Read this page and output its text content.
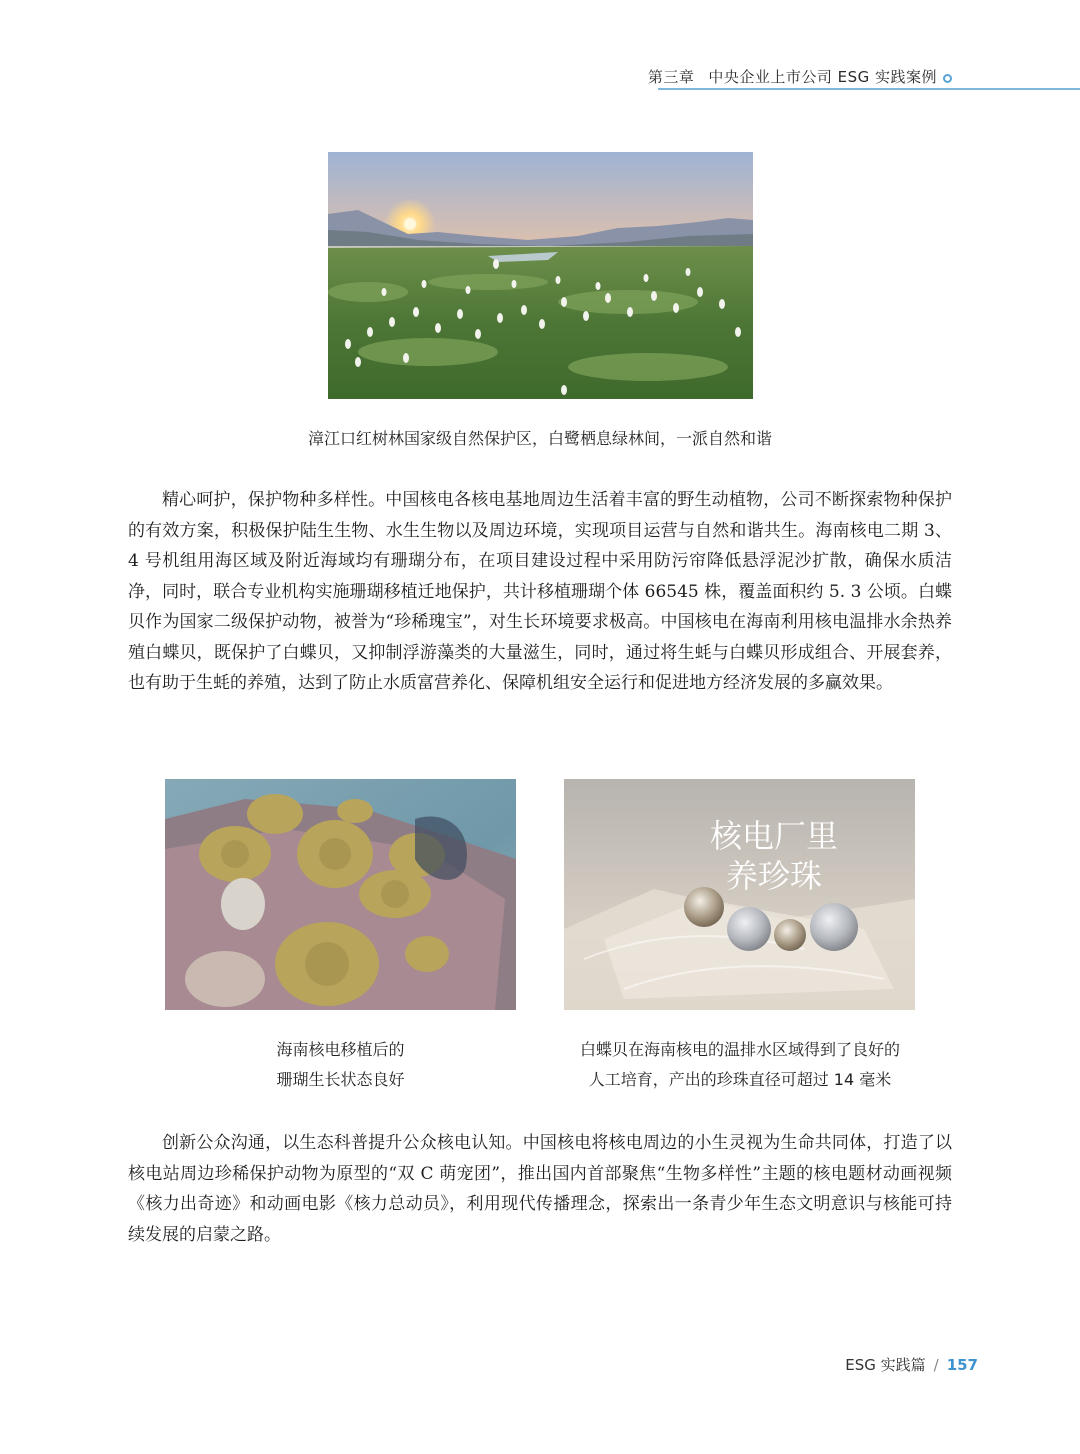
第三章 中央企业上市公司 ESG 实践案例
漳江口红树林国家级自然保护区，白鹭栖息绿林间，一派自然和谐

精心呵护，保护物种多样性。中国核电各核电基地周边生活着丰富的野生动植物，公司不断探索物种保护的有效方案，积极保护陆生生物、水生生物以及周边环境，实现项目运营与自然和谐共生。海南核电二期 3、4 号机组用海区域及附近海域均有珊瑚分布，在项目建设过程中采用防污帘降低悬浮泥沙扩散，确保水质洁净，同时，联合专业机构实施珊瑚移植迁地保护，共计移植珊瑚个体 66545 株，覆盖面积约 5. 3 公顷。白蝶贝作为国家二级保护动物，被誉为“珍稀瑰宝”，对生长环境要求极高。中国核电在海南利用核电温排水余热养殖白蝶贝，既保护了白蝶贝，又抑制浮游藻类的大量滋生，同时，通过将生蚝与白蝶贝形成组合、开展套养，也有助于生蚝的养殖，达到了防止水质富营养化、保障机组安全运行和促进地方经济发展的多赢效果。

核电厂里
养珍珠
海南核电移植后的
珊瑚生长状态良好
白蝶贝在海南核电的温排水区域得到了良好的
人工培育，产出的珍珠直径可超过 14 毫米

创新公众沟通，以生态科普提升公众核电认知。中国核电将核电周边的小生灵视为生命共同体，打造了以核电站周边珍稀保护动物为原型的“双 C 萌宠团”，推出国内首部聚焦“生物多样性”主题的核电题材动画视频《核力出奇迹》和动画电影《核力总动员》，利用现代传播理念，探索出一条青少年生态文明意识与核能可持续发展的启蒙之路。

ESG 实践篇 / 157
